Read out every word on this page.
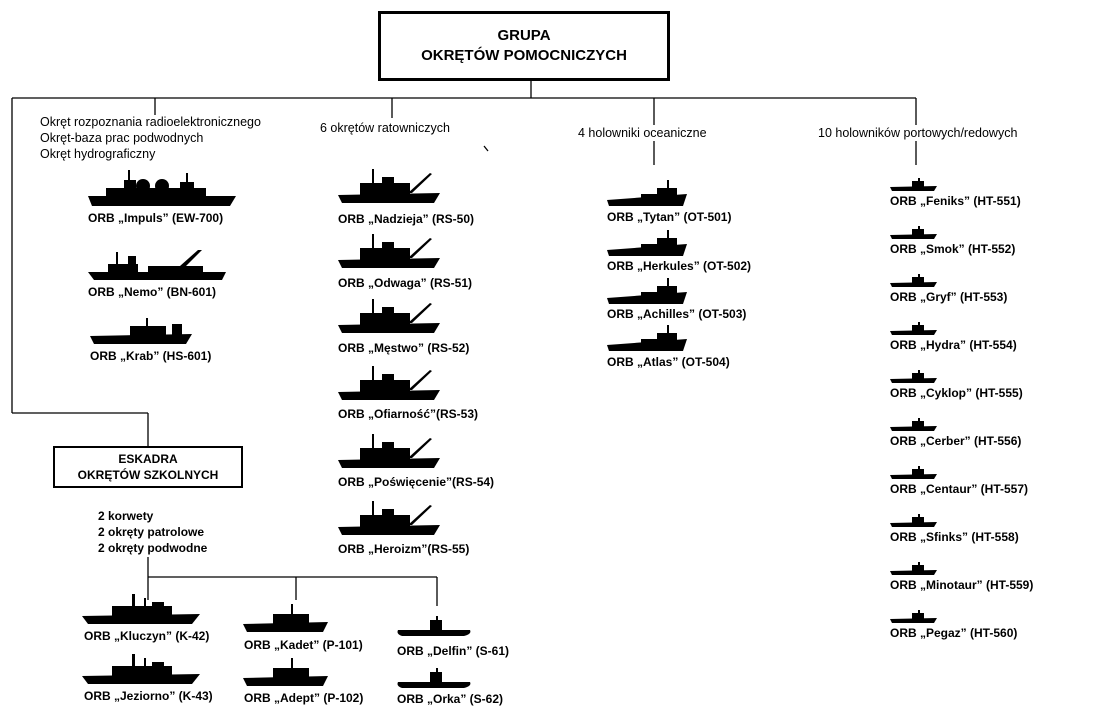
GRUPA
OKRĘTÓW POMOCNICZYCH
Okręt rozpoznania radioelektronicznego
Okręt-baza prac podwodnych
Okręt hydrograficzny
6 okrętów ratowniczych	4 holowniki oceaniczne	10 holowników portowych/redowych
ORB „Impuls” (EW-700)
ORB „Nemo” (BN-601)
ORB „Krab” (HS-601)
ORB „Nadzieja” (RS-50)
ORB „Odwaga” (RS-51)
ORB „Męstwo” (RS-52)
ORB „Ofiarność”(RS-53)
ORB „Poświęcenie”(RS-54)
ORB „Heroizm”(RS-55)
ORB „Tytan” (OT-501)
ORB „Herkules” (OT-502)
ORB „Achilles” (OT-503)
ORB „Atlas” (OT-504)
ORB „Feniks” (HT-551)
ORB „Smok” (HT-552)
ORB „Gryf” (HT-553)
ORB „Hydra” (HT-554)
ORB „Cyklop” (HT-555)
ORB „Cerber” (HT-556)
ORB „Centaur” (HT-557)
ORB „Sfinks” (HT-558)
ORB „Minotaur” (HT-559)
ORB „Pegaz” (HT-560)
ESKADRA
OKRĘTÓW SZKOLNYCH
2 korwety
2 okręty patrolowe
2 okręty podwodne
ORB „Kluczyn” (K-42)
ORB „Jeziorno” (K-43)
ORB „Kadet” (P-101)
ORB „Adept” (P-102)
ORB „Delfin” (S-61)
ORB „Orka” (S-62)
